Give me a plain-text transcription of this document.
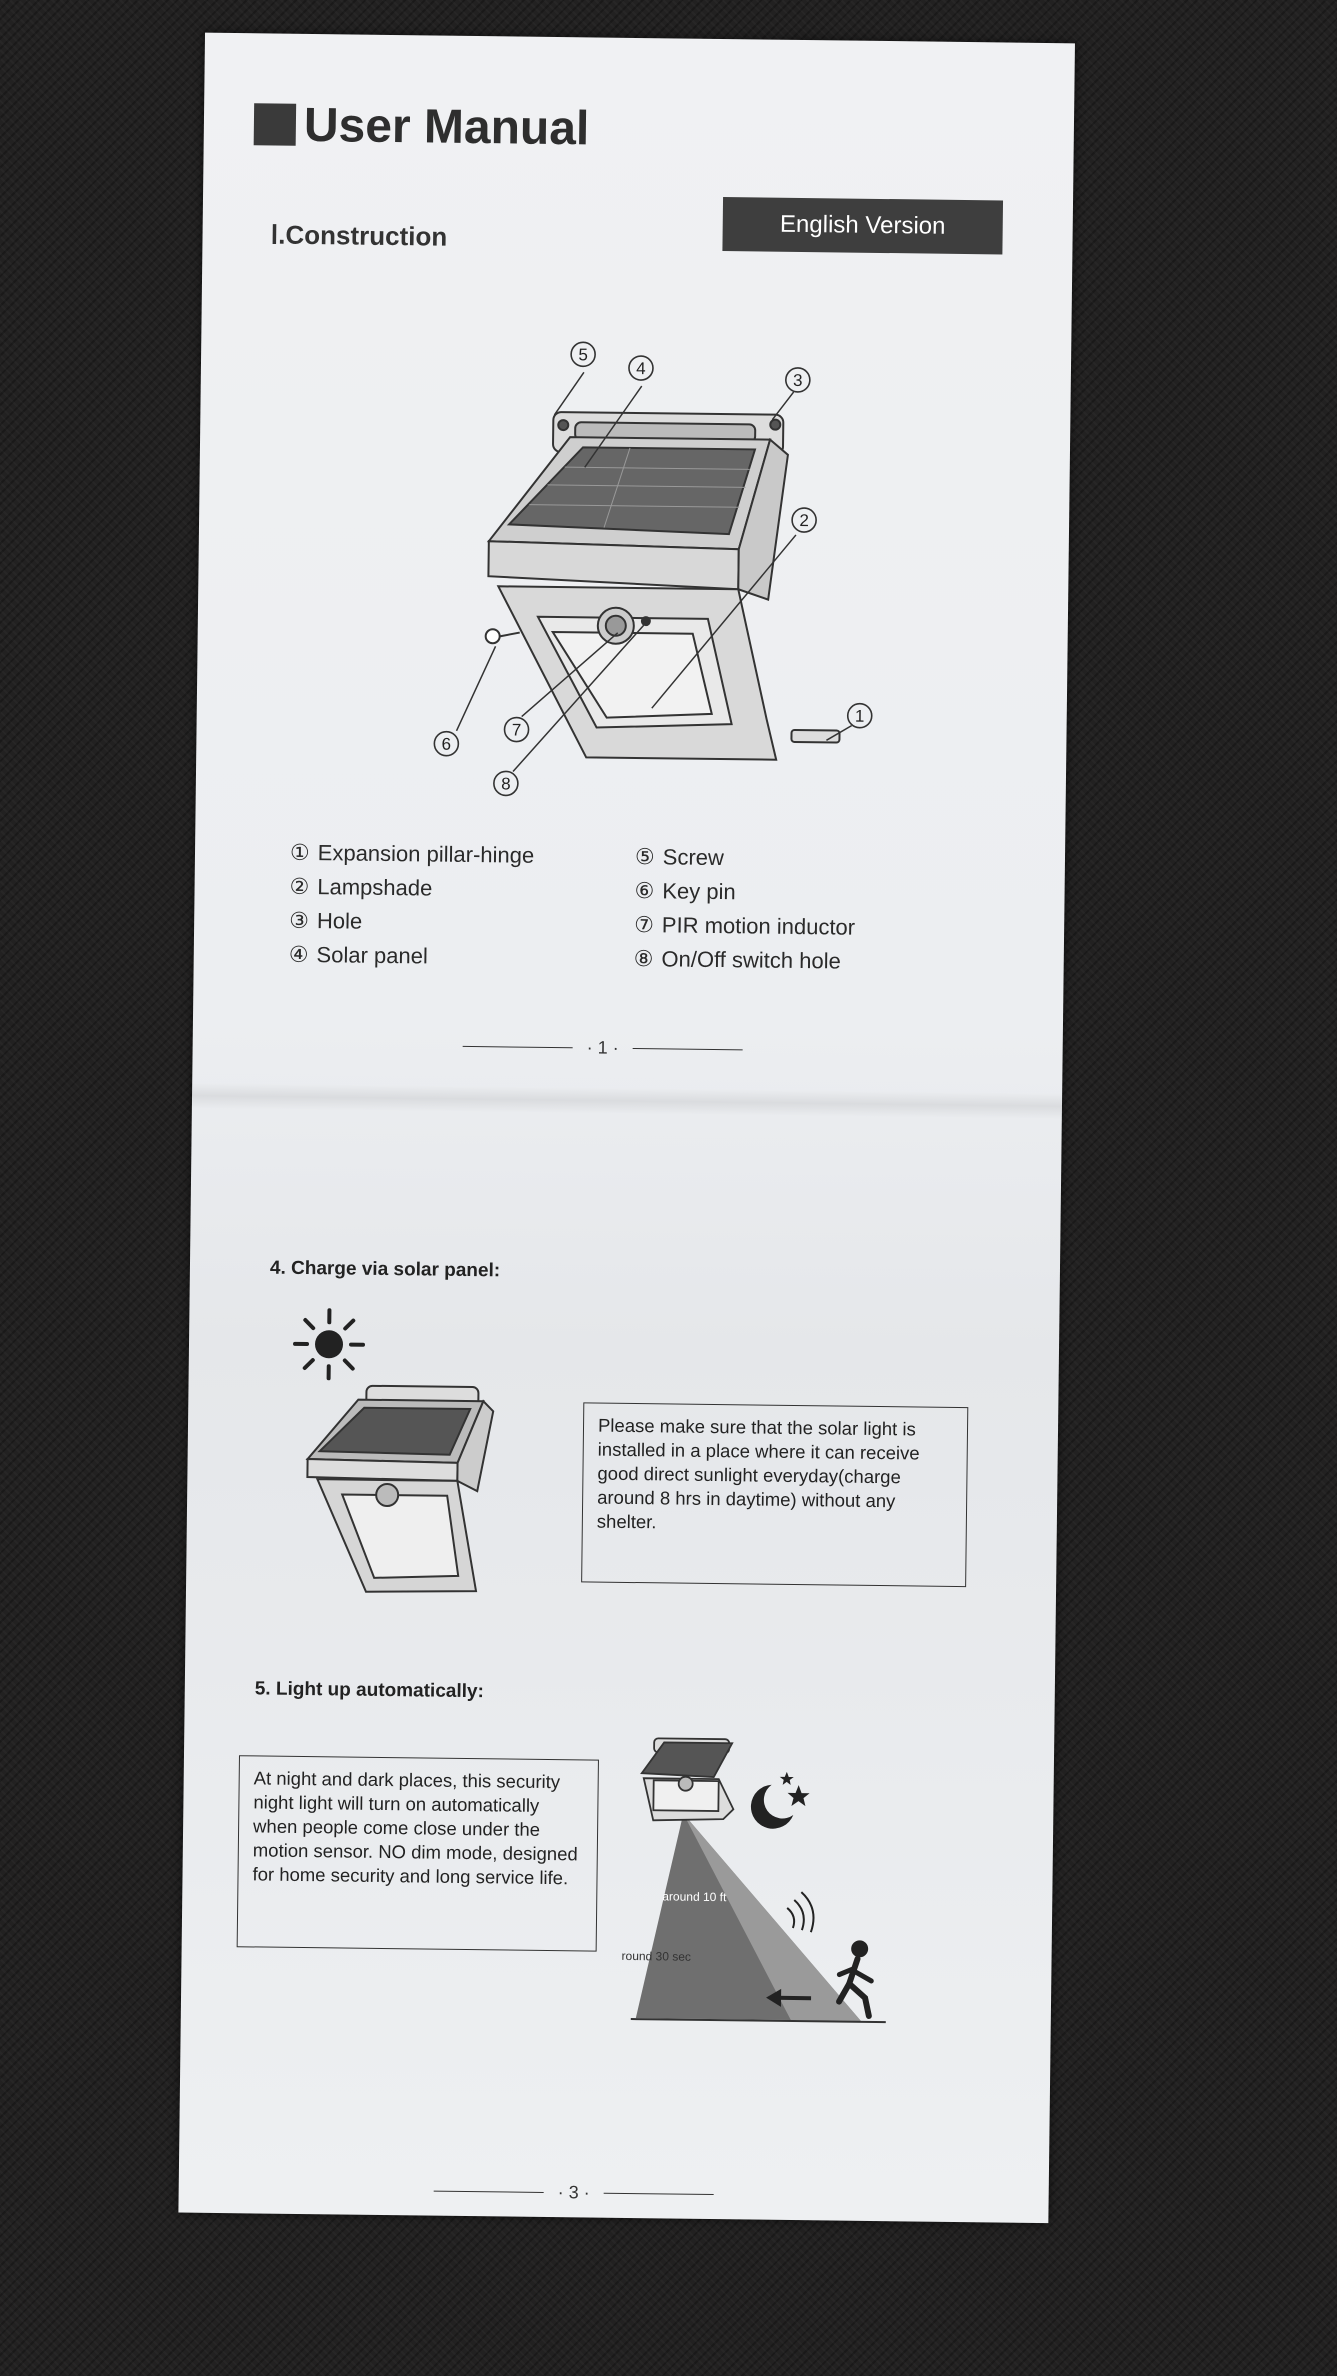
User Manual
English Version
Ⅰ.Construction
5
4
3
2
1
6
7
8
① Expansion pillar-hinge
② Lampshade
③ Hole
④ Solar panel
⑤ Screw
⑥ Key pin
⑦ PIR motion inductor
⑧ On/Off switch hole
· 1 ·
4. Charge via solar panel:
Please make sure that the solar light is installed in a place where it can receive good direct sunlight everyday(charge around 8 hrs in daytime) without any shelter.
5. Light up automatically:
At night and dark places, this security night light will turn on automatically when people come close under the motion sensor. NO dim mode, designed for home security and long service life.
around 10 ft
round 30 sec
· 3 ·
